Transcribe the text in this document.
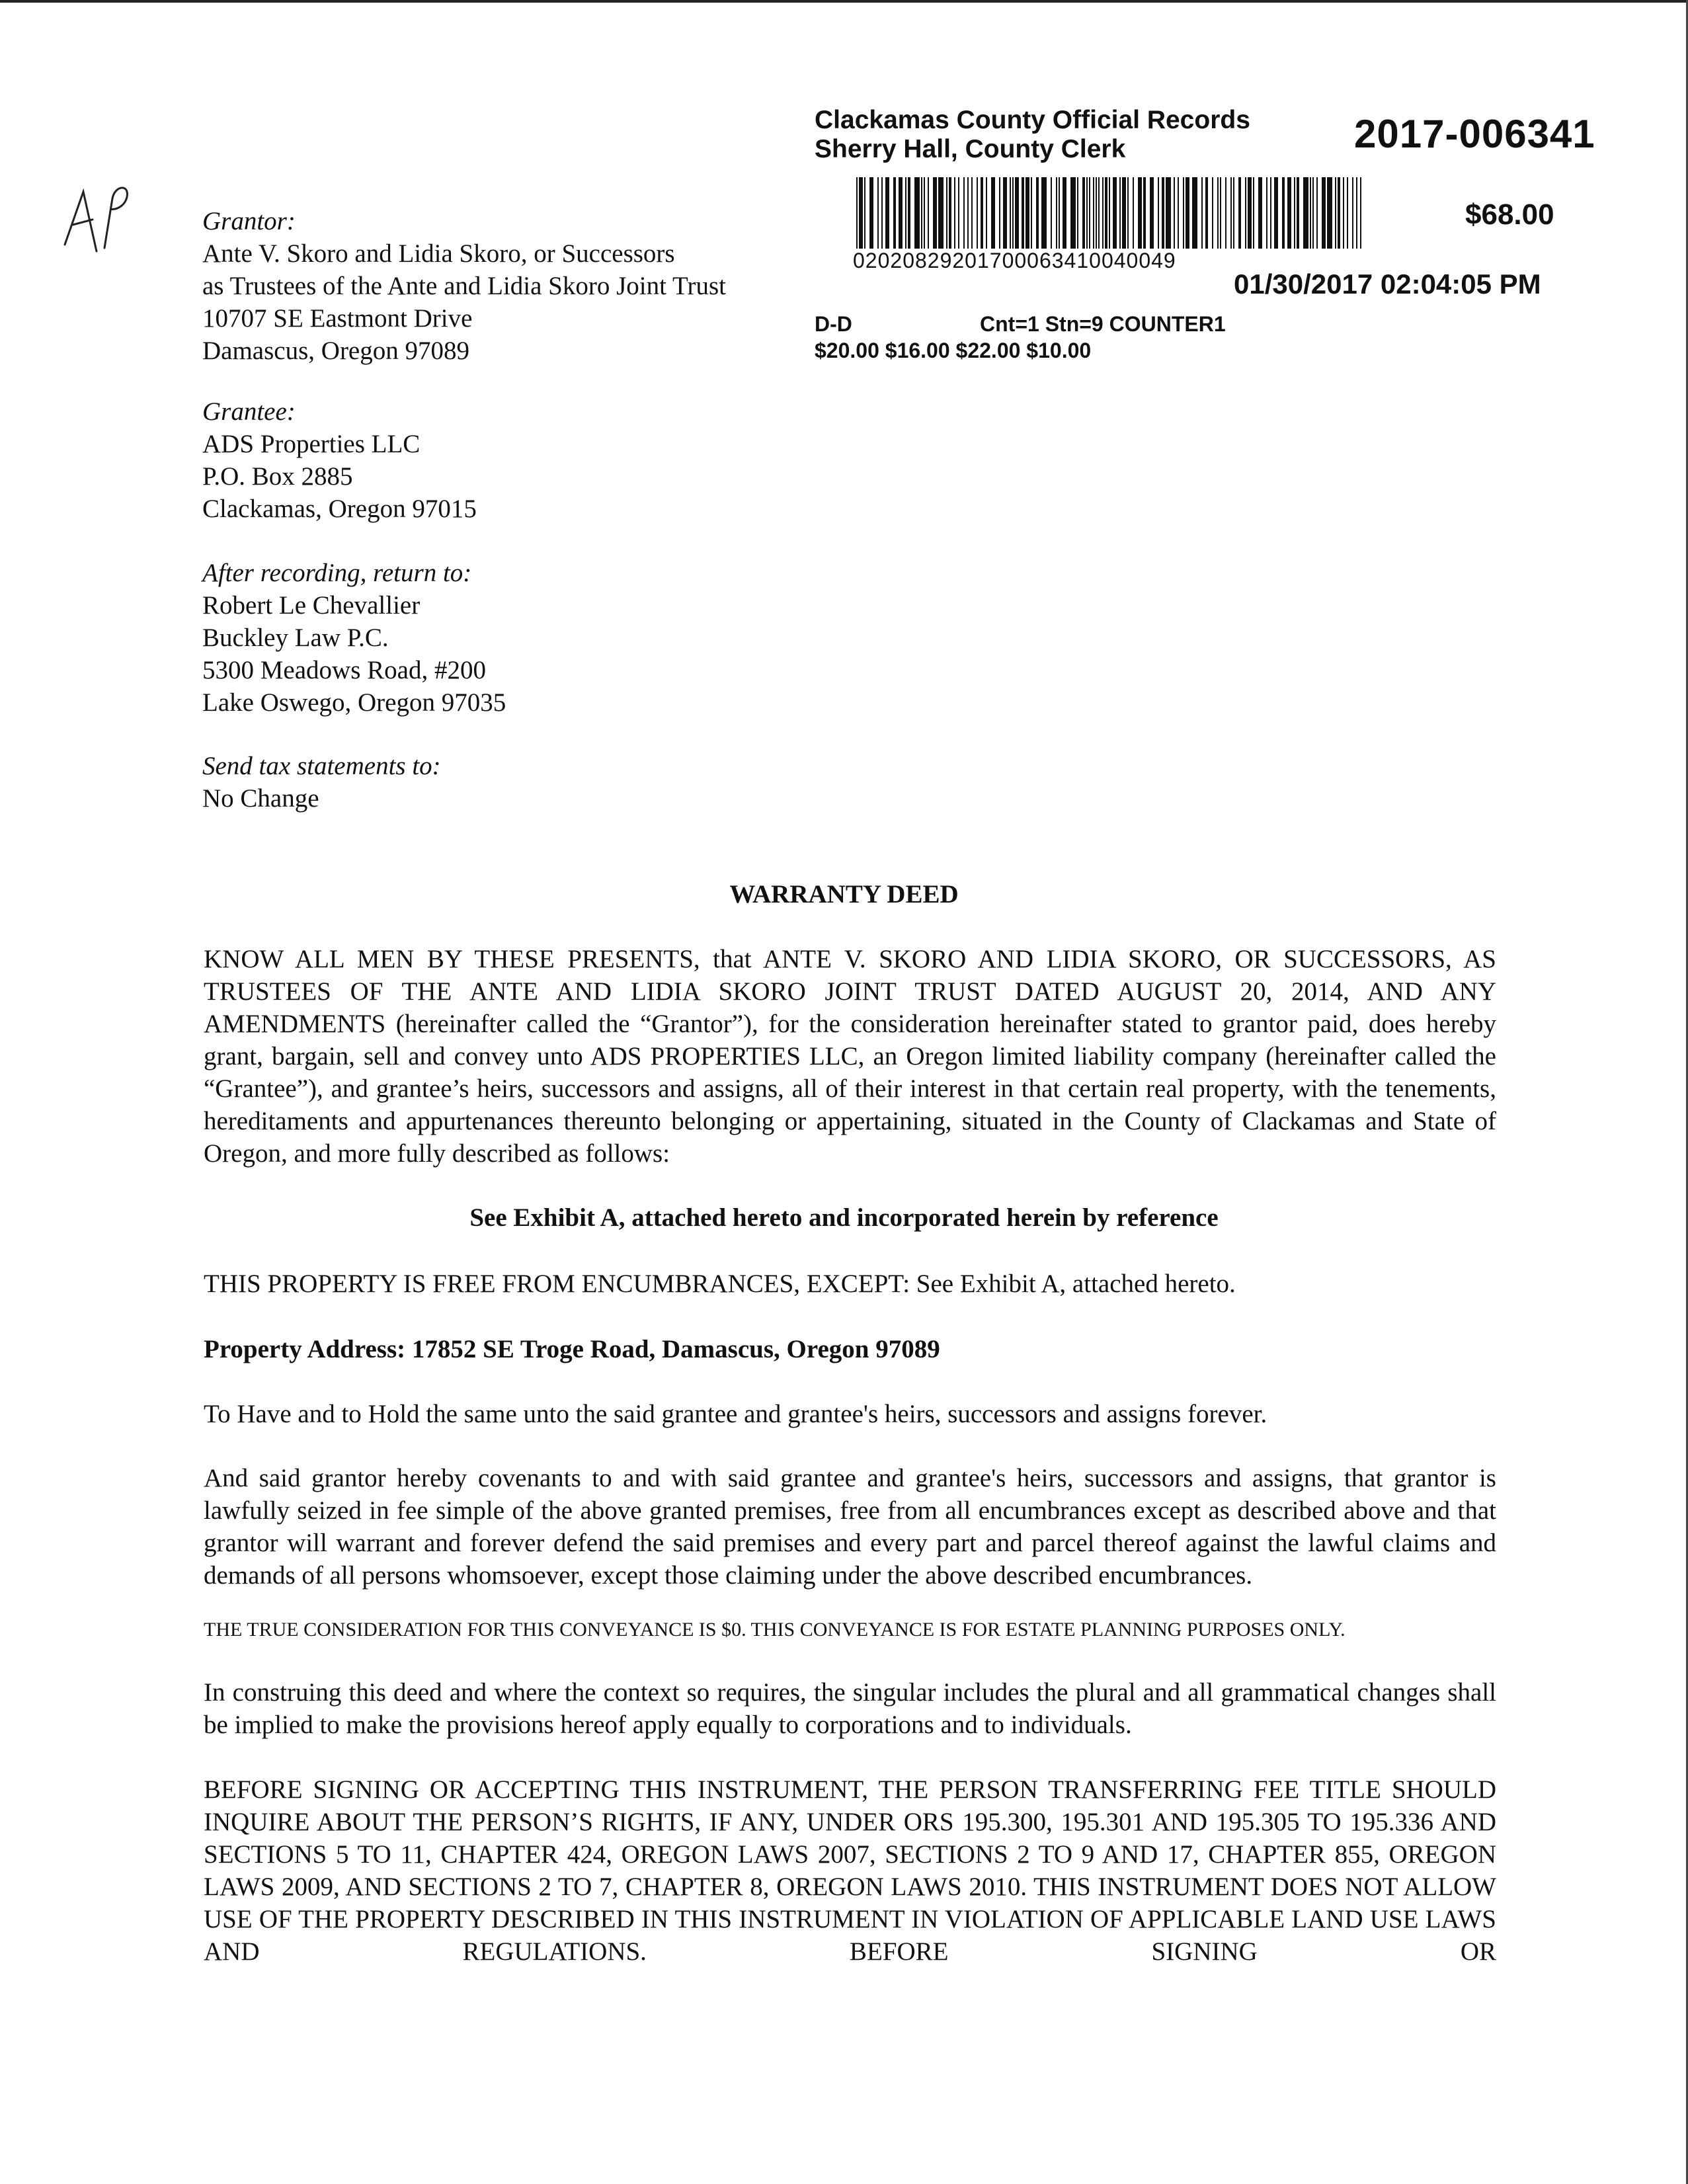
Clackamas County Official Records
Sherry Hall, County Clerk	2017-006341
$68.00
02020829201700063410040049
01/30/2017 02:04:05 PM
D-D	Cnt=1 Stn=9 COUNTER1
$20.00 $16.00 $22.00 $10.00
Grantor:
Ante V. Skoro and Lidia Skoro, or Successors
as Trustees of the Ante and Lidia Skoro Joint Trust
10707 SE Eastmont Drive
Damascus, Oregon 97089
Grantee:
ADS Properties LLC
P.O. Box 2885
Clackamas, Oregon 97015
After recording, return to:
Robert Le Chevallier
Buckley Law P.C.
5300 Meadows Road, #200
Lake Oswego, Oregon 97035
Send tax statements to:
No Change
WARRANTY DEED
KNOW ALL MEN BY THESE PRESENTS, that ANTE V. SKORO AND LIDIA SKORO, OR SUCCESSORS, AS TRUSTEES OF THE ANTE AND LIDIA SKORO JOINT TRUST DATED AUGUST 20, 2014, AND ANY AMENDMENTS (hereinafter called the “Grantor”), for the consideration hereinafter stated to grantor paid, does hereby grant, bargain, sell and convey unto ADS PROPERTIES LLC, an Oregon limited liability company (hereinafter called the “Grantee”), and grantee’s heirs, successors and assigns, all of their interest in that certain real property, with the tenements, hereditaments and appurtenances thereunto belonging or appertaining, situated in the County of Clackamas and State of Oregon, and more fully described as follows:
See Exhibit A, attached hereto and incorporated herein by reference
THIS PROPERTY IS FREE FROM ENCUMBRANCES, EXCEPT: See Exhibit A, attached hereto.
Property Address: 17852 SE Troge Road, Damascus, Oregon 97089
To Have and to Hold the same unto the said grantee and grantee's heirs, successors and assigns forever.
And said grantor hereby covenants to and with said grantee and grantee's heirs, successors and assigns, that grantor is lawfully seized in fee simple of the above granted premises, free from all encumbrances except as described above and that grantor will warrant and forever defend the said premises and every part and parcel thereof against the lawful claims and demands of all persons whomsoever, except those claiming under the above described encumbrances.
THE TRUE CONSIDERATION FOR THIS CONVEYANCE IS $0. THIS CONVEYANCE IS FOR ESTATE PLANNING PURPOSES ONLY.
In construing this deed and where the context so requires, the singular includes the plural and all grammatical changes shall be implied to make the provisions hereof apply equally to corporations and to individuals.
BEFORE SIGNING OR ACCEPTING THIS INSTRUMENT, THE PERSON TRANSFERRING FEE TITLE SHOULD INQUIRE ABOUT THE PERSON’S RIGHTS, IF ANY, UNDER ORS 195.300, 195.301 AND 195.305 TO 195.336 AND SECTIONS 5 TO 11, CHAPTER 424, OREGON LAWS 2007, SECTIONS 2 TO 9 AND 17, CHAPTER 855, OREGON LAWS 2009, AND SECTIONS 2 TO 7, CHAPTER 8, OREGON LAWS 2010. THIS INSTRUMENT DOES NOT ALLOW USE OF THE PROPERTY DESCRIBED IN THIS INSTRUMENT IN VIOLATION OF APPLICABLE LAND USE LAWS AND REGULATIONS. BEFORE SIGNING OR
